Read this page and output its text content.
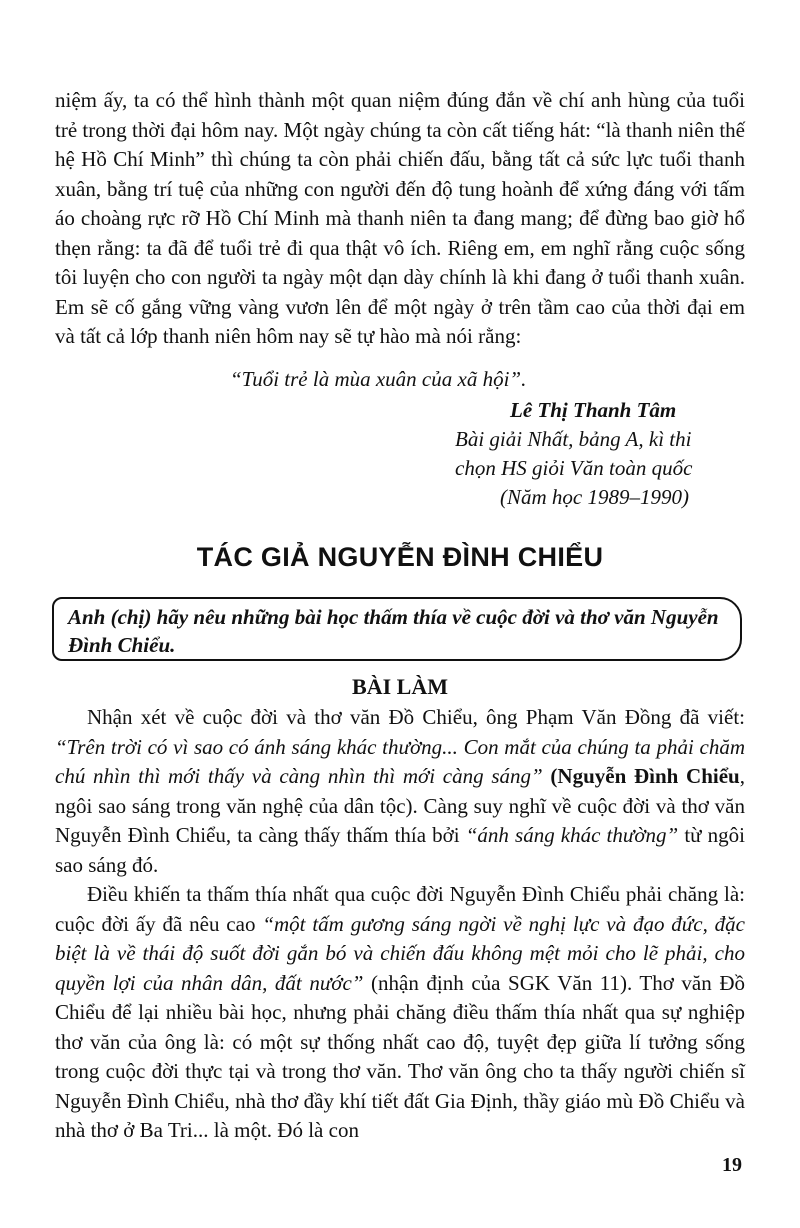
niệm ấy, ta có thể hình thành một quan niệm đúng đắn về chí anh hùng của tuổi trẻ trong thời đại hôm nay. Một ngày chúng ta còn cất tiếng hát: “là thanh niên thế hệ Hồ Chí Minh” thì chúng ta còn phải chiến đấu, bằng tất cả sức lực tuổi thanh xuân, bằng trí tuệ của những con người đến độ tung hoành để xứng đáng với tấm áo choàng rực rỡ Hồ Chí Minh mà thanh niên ta đang mang; để đừng bao giờ hổ thẹn rằng: ta đã để tuổi trẻ đi qua thật vô ích. Riêng em, em nghĩ rằng cuộc sống tôi luyện cho con người ta ngày một dạn dày chính là khi đang ở tuổi thanh xuân. Em sẽ cố gắng vững vàng vươn lên để một ngày ở trên tầm cao của thời đại em và tất cả lớp thanh niên hôm nay sẽ tự hào mà nói rằng:

“Tuổi trẻ là mùa xuân của xã hội”.
Lê Thị Thanh Tâm
Bài giải Nhất, bảng A, kì thi
chọn HS giỏi Văn toàn quốc
(Năm học 1989–1990)
TÁC GIẢ NGUYỄN ĐÌNH CHIỂU
Anh (chị) hãy nêu những bài học thấm thía về cuộc đời và thơ văn Nguyễn Đình Chiểu.
BÀI LÀM

Nhận xét về cuộc đời và thơ văn Đồ Chiểu, ông Phạm Văn Đồng đã viết: “Trên trời có vì sao có ánh sáng khác thường... Con mắt của chúng ta phải chăm chú nhìn thì mới thấy và càng nhìn thì mới càng sáng” (Nguyễn Đình Chiểu, ngôi sao sáng trong văn nghệ của dân tộc). Càng suy nghĩ về cuộc đời và thơ văn Nguyễn Đình Chiểu, ta càng thấy thấm thía bởi “ánh sáng khác thường” từ ngôi sao sáng đó.

Điều khiến ta thấm thía nhất qua cuộc đời Nguyễn Đình Chiểu phải chăng là: cuộc đời ấy đã nêu cao “một tấm gương sáng ngời về nghị lực và đạo đức, đặc biệt là về thái độ suốt đời gắn bó và chiến đấu không mệt mỏi cho lẽ phải, cho quyền lợi của nhân dân, đất nước” (nhận định của SGK Văn 11). Thơ văn Đồ Chiểu để lại nhiều bài học, nhưng phải chăng điều thấm thía nhất qua sự nghiệp thơ văn của ông là: có một sự thống nhất cao độ, tuyệt đẹp giữa lí tưởng sống trong cuộc đời thực tại và trong thơ văn. Thơ văn ông cho ta thấy người chiến sĩ Nguyễn Đình Chiểu, nhà thơ đầy khí tiết đất Gia Định, thầy giáo mù Đồ Chiểu và nhà thơ ở Ba Tri... là một. Đó là con

19
